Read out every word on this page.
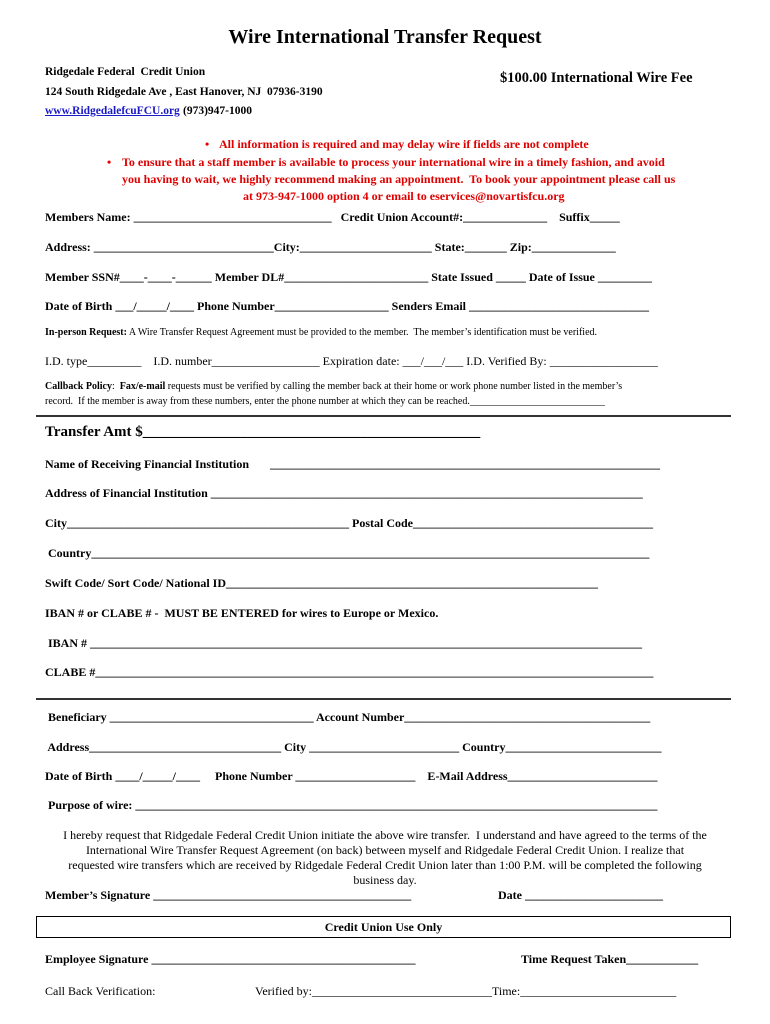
Wire International Transfer Request
Ridgedale Federal  Credit Union	$100.00 International Wire Fee
124 South Ridgedale Ave , East Hanover, NJ  07936-3190
www.RidgedalefcuFCU.org (973)947-1000
• All information is required and may delay wire if fields are not complete
• To ensure that a staff member is available to process your international wire in a timely fashion, and avoid
you having to wait, we highly recommend making an appointment.  To book your appointment please call us
at 973-947-1000 option 4 or email to eservices@novartisfcu.org
Members Name: _________________________________   Credit Union Account#:______________    Suffix_____
Address: ______________________________City:______________________ State:_______ Zip:______________
Member SSN#____-____-______ Member DL#________________________ State Issued _____ Date of Issue _________
Date of Birth ___/_____/____ Phone Number___________________ Senders Email ______________________________
In-person Request: A Wire Transfer Request Agreement must be provided to the member.  The member’s identification must be verified.
I.D. type_________    I.D. number__________________ Expiration date: ___/___/___ I.D. Verified By: __________________
Callback Policy:  Fax/e-mail requests must be verified by calling the member back at their home or work phone number listed in the member’s
record.  If the member is away from these numbers, enter the phone number at which they can be reached.___________________________
Transfer Amt $_____________________________________________
Name of Receiving Financial Institution       _________________________________________________________________
Address of Financial Institution ________________________________________________________________________
City_______________________________________________ Postal Code________________________________________
Country_____________________________________________________________________________________________
Swift Code/ Sort Code/ National ID______________________________________________________________
IBAN # or CLABE # -  MUST BE ENTERED for wires to Europe or Mexico.
IBAN # ____________________________________________________________________________________________
CLABE #_____________________________________________________________________________________________
Beneficiary __________________________________ Account Number_________________________________________
Address________________________________ City _________________________ Country__________________________
Date of Birth ____/_____/____     Phone Number ____________________    E-Mail Address_________________________
Purpose of wire: _______________________________________________________________________________________
I hereby request that Ridgedale Federal Credit Union initiate the above wire transfer.  I understand and have agreed to the terms of the
International Wire Transfer Request Agreement (on back) between myself and Ridgedale Federal Credit Union. I realize that
requested wire transfers which are received by Ridgedale Federal Credit Union later than 1:00 P.M. will be completed the following
business day.
Member’s Signature ___________________________________________	Date _______________________
Credit Union Use Only
Employee Signature ____________________________________________	Time Request Taken____________
Call Back Verification:	Verified by:______________________________Time:__________________________
